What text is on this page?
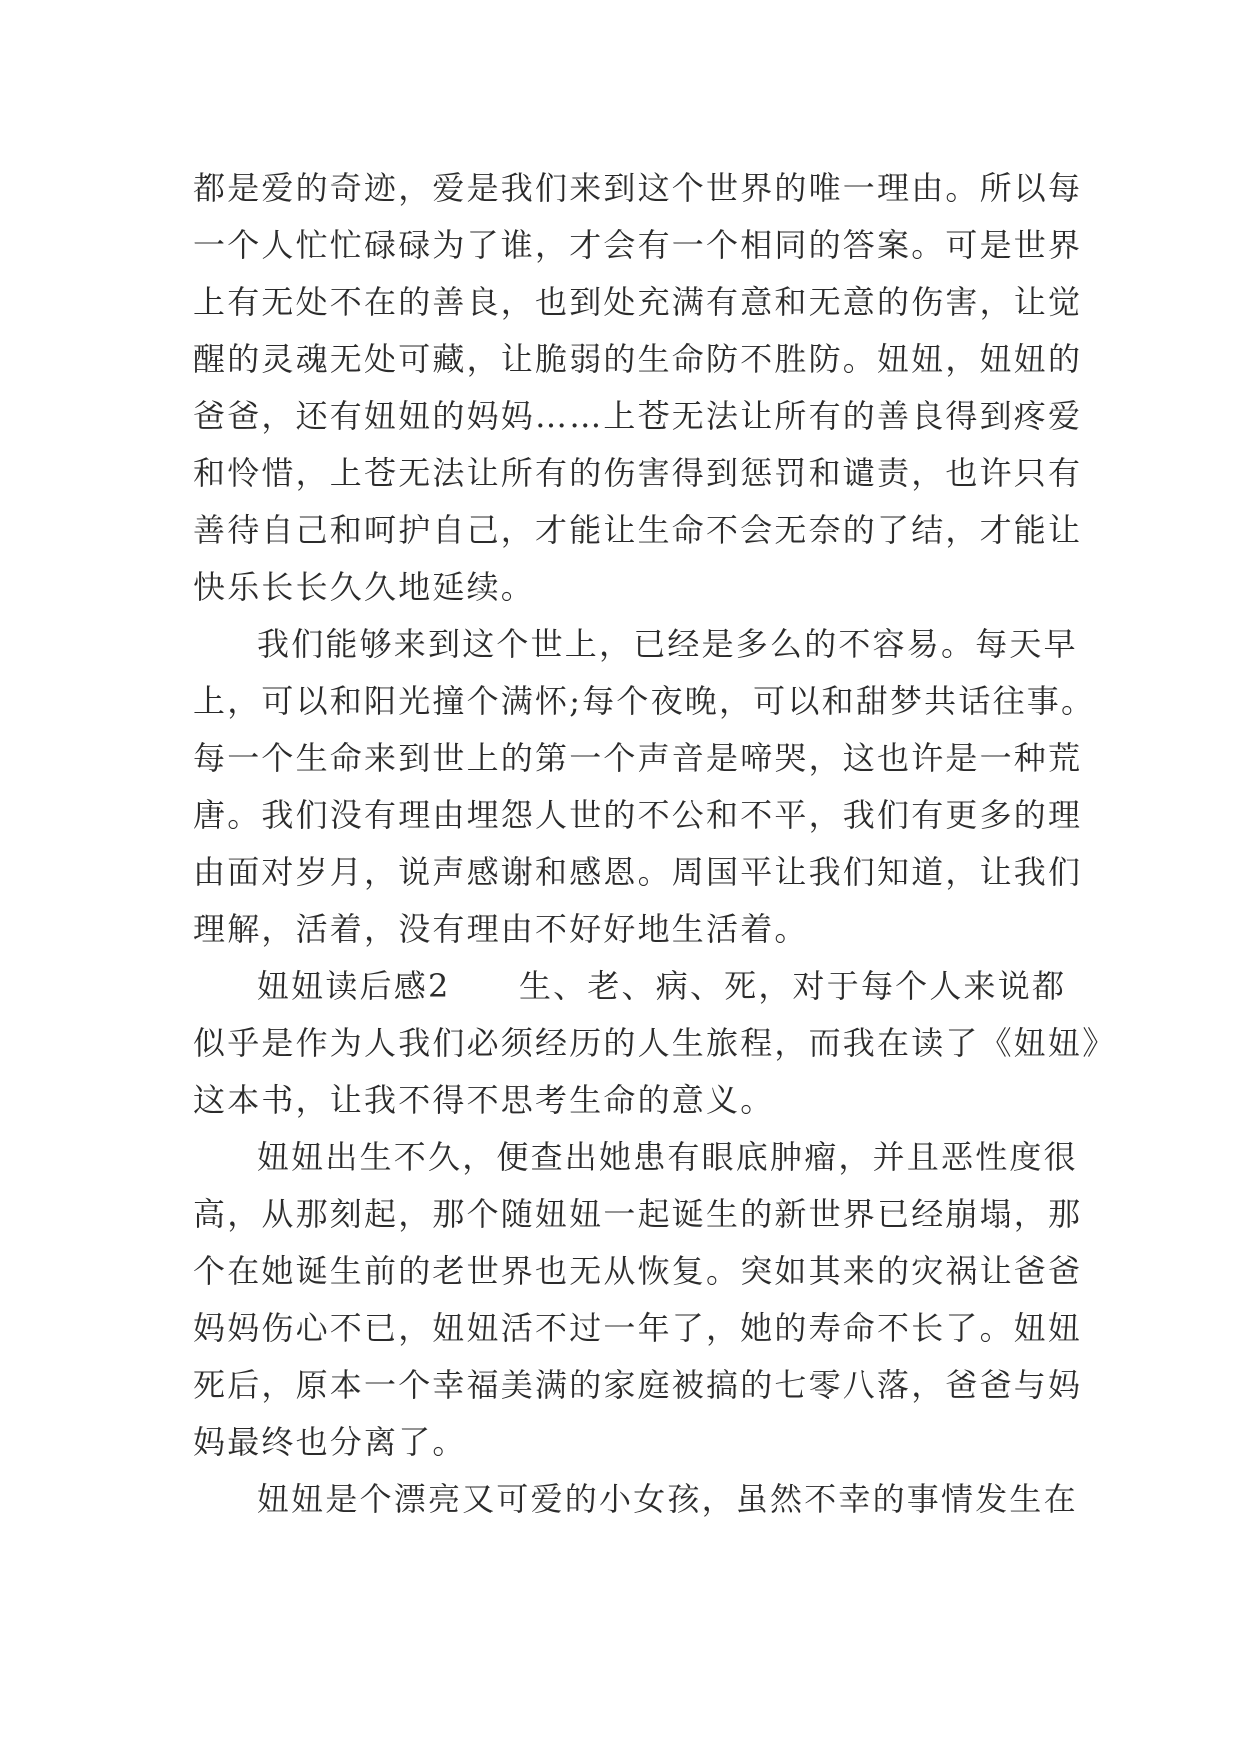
都是爱的奇迹，爱是我们来到这个世界的唯一理由。所以每
一个人忙忙碌碌为了谁，才会有一个相同的答案。可是世界
上有无处不在的善良，也到处充满有意和无意的伤害，让觉
醒的灵魂无处可藏，让脆弱的生命防不胜防。妞妞，妞妞的
爸爸，还有妞妞的妈妈……上苍无法让所有的善良得到疼爱
和怜惜，上苍无法让所有的伤害得到惩罚和谴责，也许只有
善待自己和呵护自己，才能让生命不会无奈的了结，才能让
快乐长长久久地延续。
我们能够来到这个世上，已经是多么的不容易。每天早
上，可以和阳光撞个满怀;每个夜晚，可以和甜梦共话往事。
每一个生命来到世上的第一个声音是啼哭，这也许是一种荒
唐。我们没有理由埋怨人世的不公和不平，我们有更多的理
由面对岁月，说声感谢和感恩。周国平让我们知道，让我们
理解，活着，没有理由不好好地生活着。
妞妞读后感2　　生、老、病、死，对于每个人来说都
似乎是作为人我们必须经历的人生旅程，而我在读了《妞妞》
这本书，让我不得不思考生命的意义。
妞妞出生不久，便查出她患有眼底肿瘤，并且恶性度很
高，从那刻起，那个随妞妞一起诞生的新世界已经崩塌，那
个在她诞生前的老世界也无从恢复。突如其来的灾祸让爸爸
妈妈伤心不已，妞妞活不过一年了，她的寿命不长了。妞妞
死后，原本一个幸福美满的家庭被搞的七零八落，爸爸与妈
妈最终也分离了。
妞妞是个漂亮又可爱的小女孩，虽然不幸的事情发生在
